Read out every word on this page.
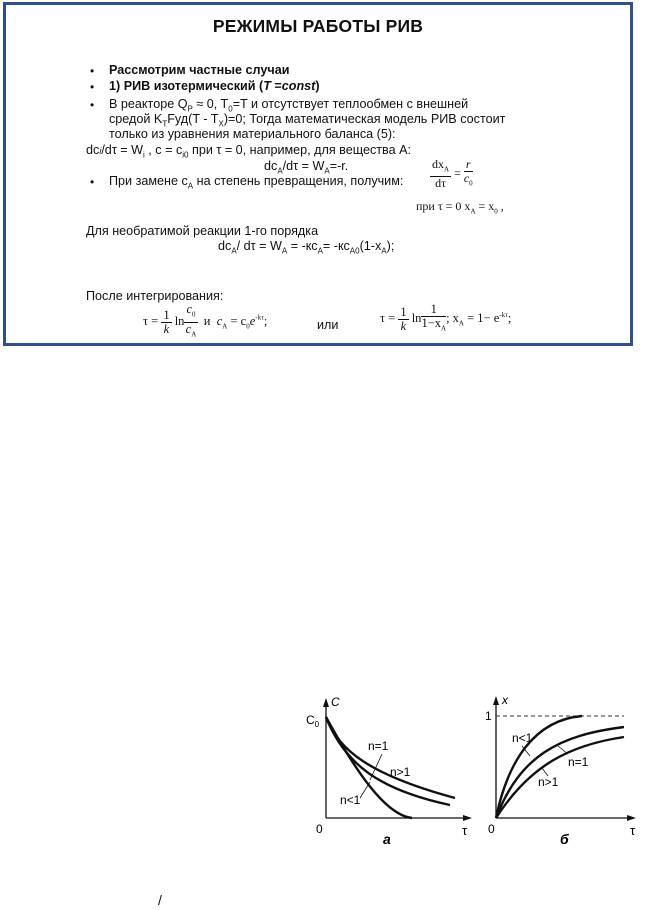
РЕЖИМЫ РАБОТЫ РИВ
• Рассмотрим частные случаи
• 1) РИВ изотермический (T =const)
• В реакторе $Q_P \approx 0$, $T_0=T$ и отсутствует теплообмен с внешней
средой $K_TFуд(T - T_X)=0$; Тогда математическая модель РИВ состоит
только из уравнения материального баланса (5):
$dci/d\tau = W_i$ , $c = c_{i0}$ при τ = 0, например, для вещества А:
$dc_A/d\tau = W_A=-r$.
• При замене $c_A$ на степень превращения, получим: $\frac{dx_A}{d\tau} = \frac{r}{c_0}$
при τ = 0 $x_A = x_0$ ,
Для необратимой реакции 1-го порядка
$dc_A/$ $d\tau = W_A = -кc_A= -кc_{A0}(1-x_A)$;
После интегрирования:
$\tau = \frac{1}{k}$ $\ln \frac{c_0}{c_A}$ и $c_A = c_0e^{-k\tau}$;	или	$\tau = \frac{1}{k}$ $\ln \frac{1}{1-x_A}$ ; $x_A = 1- e^{-k\tau}$;
C
$C_0$
0	τ
n=1
n>1
n<1
а
x
1
0	τ
n<1
n=1
n>1
б
/
